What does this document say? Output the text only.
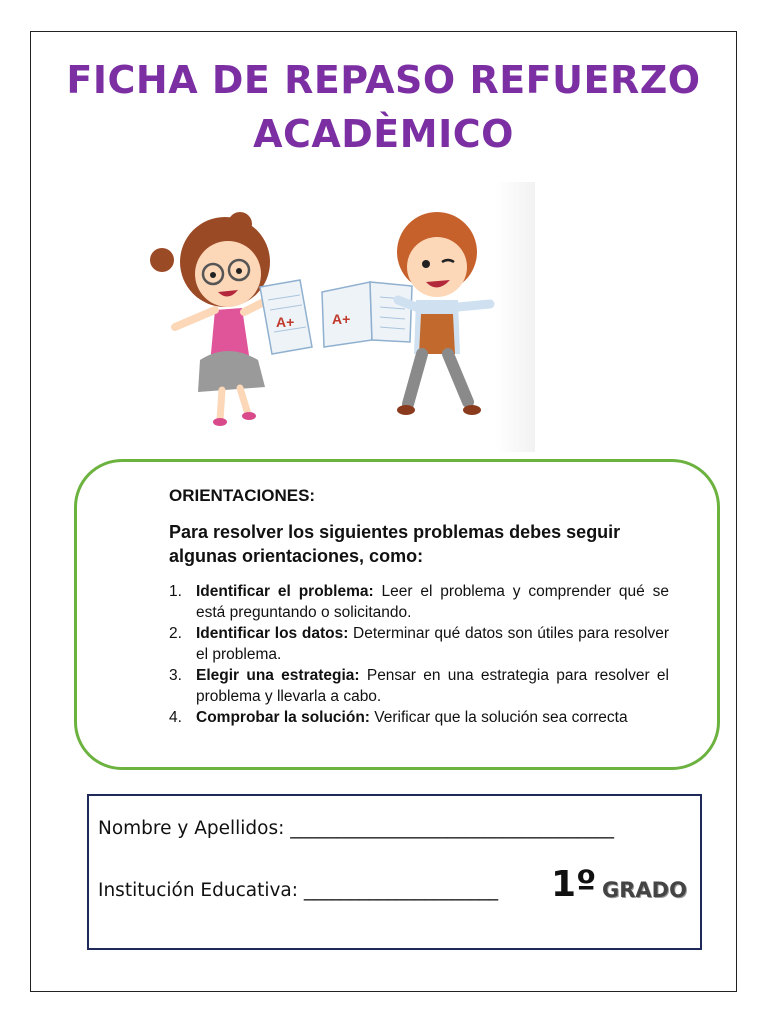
FICHA DE REPASO REFUERZO
ACADÈMICO
A+	A+
ORIENTACIONES:
Para resolver los siguientes problemas debes seguir algunas orientaciones, como:
1. Identificar el problema: Leer el problema y comprender qué se está preguntando o solicitando.
2. Identificar los datos: Determinar qué datos son útiles para resolver el problema.
3. Elegir una estrategia: Pensar en una estrategia para resolver el problema y llevarla a cabo.
4. Comprobar la solución: Verificar que la solución sea correcta
Nombre y Apellidos: ___________________________________
Institución Educativa: _____________________ 1º GRADO
